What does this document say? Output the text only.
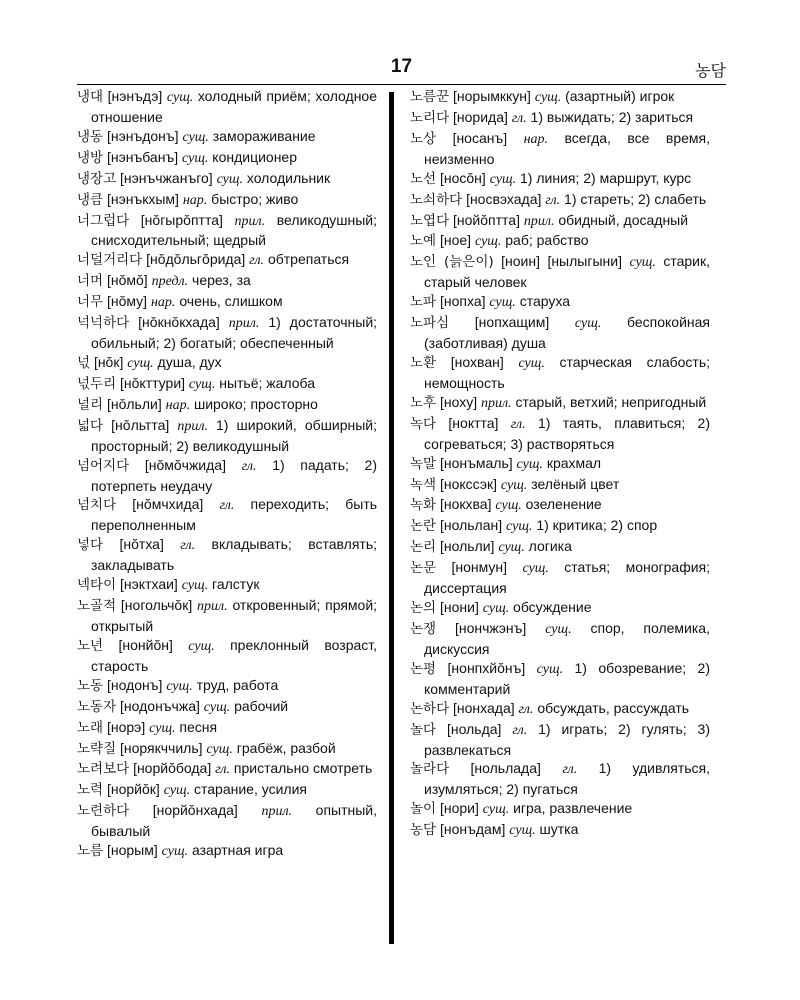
17	농담

냉대 [нэнъдэ] сущ. холодный приём; холодное отношение

냉동 [нэнъдонъ] сущ. замораживание

냉방 [нэнъбанъ] сущ. кондиционер

냉장고 [нэнъчжанъго] сущ. холодильник

냉큼 [нэнъкхым] нар. быстро; живо

너그럽다 [нŏгырŏптта] прил. великодушный; снисходительный; щедрый

너덜거리다 [нŏдŏльгŏрида] гл. обтрепаться

너머 [нŏмŏ] предл. через, за

너무 [нŏму] нар. очень, слишком

넉넉하다 [нŏкнŏкхада] прил. 1) достаточный; обильный; 2) богатый; обеспеченный

넋 [нŏк] сущ. душа, дух

넋두리 [нŏкттури] сущ. нытьё; жалоба

널리 [нŏльли] нар. широко; просторно

넓다 [нŏльтта] прил. 1) широкий, обширный; просторный; 2) великодушный

넘어지다 [нŏмŏчжида] гл. 1) падать; 2) потерпеть неудачу

넘치다 [нŏмчхида] гл. переходить; быть переполненным

넣다 [нŏтха] гл. вкладывать; вставлять; закладывать

넥타이 [нэктхаи] сущ. галстук

노골적 [ногольчŏк] прил. откровенный; прямой; открытый

노년 [нонйŏн] сущ. преклонный возраст, старость

노동 [нодонъ] сущ. труд, работа

노동자 [нодонъчжа] сущ. рабочий

노래 [норэ] сущ. песня

노략질 [норякччиль] сущ. грабёж, разбой

노려보다 [норйŏбода] гл. пристально смотреть

노력 [норйŏк] сущ. старание, усилия

노련하다 [норйŏнхада] прил. опытный, бывалый

노름 [норым] сущ. азартная игра

노름꾼 [норымккун] сущ. (азартный) игрок

노리다 [норида] гл. 1) выжидать; 2) зариться

노상 [носанъ] нар. всегда, все время, неизменно

노선 [носŏн] сущ. 1) линия; 2) маршрут, курс

노쇠하다 [носвэхада] гл. 1) стареть; 2) слабеть

노엽다 [нойŏптта] прил. обидный, досадный

노예 [ное] сущ. раб; рабство

노인 (늙은이) [ноин] [нылыгыни] сущ. старик, старый человек

노파 [нопха] сущ. старуха

노파심 [нопхащим] сущ. беспокойная (заботливая) душа

노환 [нохван] сущ. старческая слабость; немощность

노후 [ноху] прил. старый, ветхий; непригодный

녹다 [нoктта] гл. 1) таять, плавиться; 2) согреваться; 3) растворяться

녹말 [нонъмаль] сущ. крахмал

녹색 [нокссэк] сущ. зелёный цвет

녹화 [нокхва] сущ. озеленение

논란 [нольлан] сущ. 1) критика; 2) спор

논리 [нольли] сущ. логика

논문 [нонмун] сущ. статья; монография; диссертация

논의 [нони] сущ. обсуждение

논쟁 [нончжэнъ] сущ. спор, полемика, дискуссия

논평 [нонпхйŏнъ] сущ. 1) обозревание; 2) комментарий

논하다 [нонхада] гл. обсуждать, рассуждать

놀다 [нольда] гл. 1) играть; 2) гулять; 3) развлекаться

놀라다 [нольлада] гл. 1) удивляться, изумляться; 2) пугаться

놀이 [нори] сущ. игра, развлечение

농담 [нонъдам] сущ. шутка
